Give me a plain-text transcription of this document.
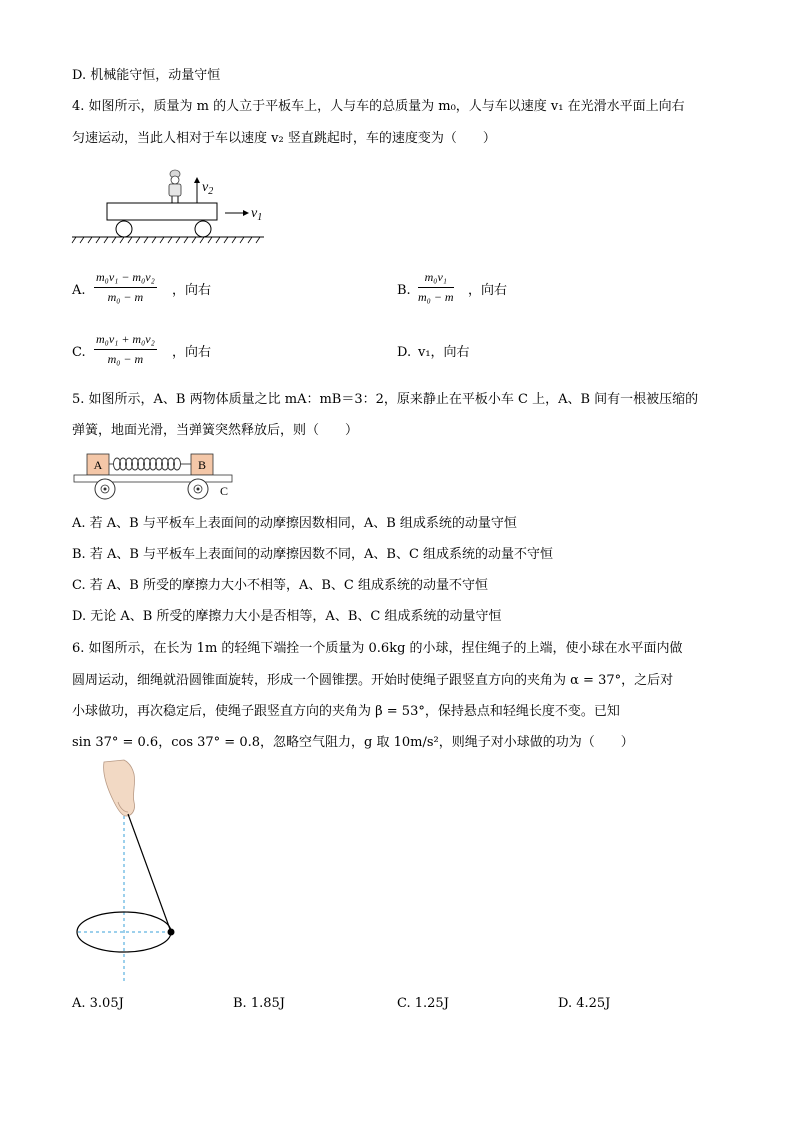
D. 机械能守恒，动量守恒
4. 如图所示，质量为 m 的人立于平板车上，人与车的总质量为 m₀，人与车以速度 v₁ 在光滑水平面上向右
匀速运动，当此人相对于车以速度 v₂ 竖直跳起时，车的速度变为（　　）
$v_2$
$v_1$
A. $\frac{\text{m₀v₁ − m₀v₂}}{\text{m₀ − m}}$ ，向右	B. $\frac{\text{m₀v₁}}{\text{m₀ − m}}$ ，向右
C. $\frac{\text{m₀v₁ + m₀v₂}}{\text{m₀ − m}}$ ，向右	D. v₁，向右
5. 如图所示，A、B 两物体质量之比 mA：mB＝3：2，原来静止在平板小车 C 上，A、B 间有一根被压缩的
弹簧，地面光滑，当弹簧突然释放后，则（　　）
A	B
C
A. 若 A、B 与平板车上表面间的动摩擦因数相同，A、B 组成系统的动量守恒
B. 若 A、B 与平板车上表面间的动摩擦因数不同，A、B、C 组成系统的动量不守恒
C. 若 A、B 所受的摩擦力大小不相等，A、B、C 组成系统的动量不守恒
D. 无论 A、B 所受的摩擦力大小是否相等，A、B、C 组成系统的动量守恒
6. 如图所示，在长为 1m 的轻绳下端拴一个质量为 0.6kg 的小球，捏住绳子的上端，使小球在水平面内做
圆周运动，细绳就沿圆锥面旋转，形成一个圆锥摆。开始时使绳子跟竖直方向的夹角为 α = 37°，之后对
小球做功，再次稳定后，使绳子跟竖直方向的夹角为 β = 53°，保持悬点和轻绳长度不变。已知
sin 37° = 0.6，cos 37° = 0.8，忽略空气阻力，g 取 10m/s²，则绳子对小球做的功为（　　）
A. 3.05J	B. 1.85J	C. 1.25J	D. 4.25J
